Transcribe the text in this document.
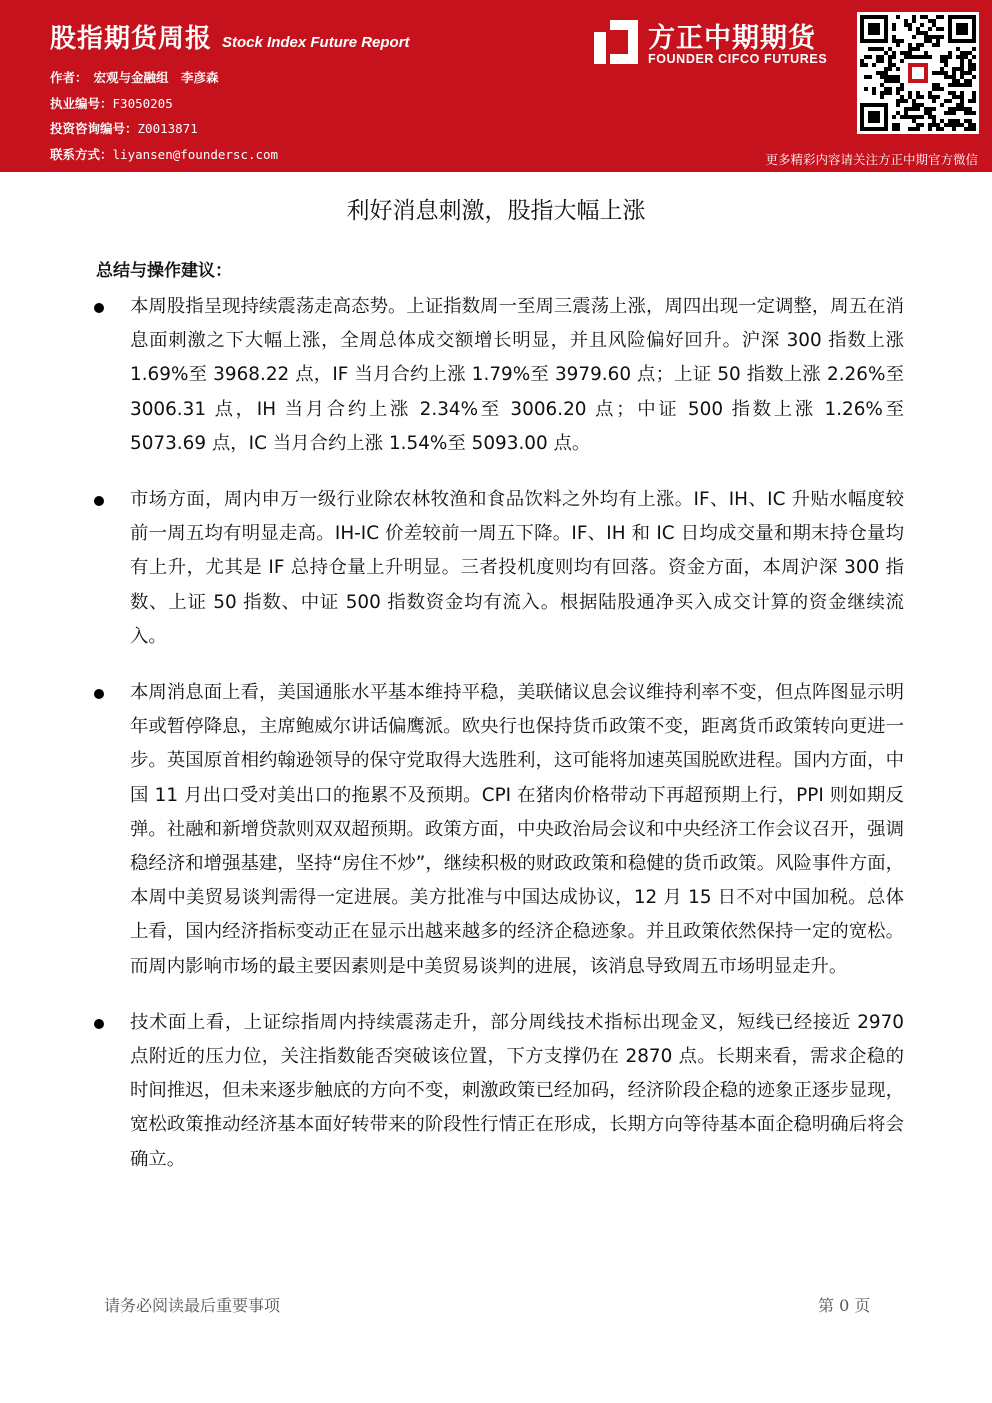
股指期货周报 Stock Index Future Report
作者： 宏观与金融组　李彦森
执业编号：F3050205
投资咨询编号：Z0013871
联系方式：liyansen@foundersc.com
方正中期期货
FOUNDER CIFCO FUTURES
更多精彩内容请关注方正中期官方微信
利好消息刺激，股指大幅上涨
总结与操作建议：
本周股指呈现持续震荡走高态势。上证指数周一至周三震荡上涨，周四出现一定调整，周五在消息面刺激之下大幅上涨，全周总体成交额增长明显，并且风险偏好回升。沪深 300 指数上涨 1.69%至 3968.22 点，IF 当月合约上涨 1.79%至 3979.60 点；上证 50 指数上涨 2.26%至 3006.31 点，IH 当月合约上涨 2.34%至 3006.20 点；中证 500 指数上涨 1.26%至 5073.69 点，IC 当月合约上涨 1.54%至 5093.00 点。
市场方面，周内申万一级行业除农林牧渔和食品饮料之外均有上涨。IF、IH、IC 升贴水幅度较前一周五均有明显走高。IH-IC 价差较前一周五下降。IF、IH 和 IC 日均成交量和期末持仓量均有上升，尤其是 IF 总持仓量上升明显。三者投机度则均有回落。资金方面，本周沪深 300 指数、上证 50 指数、中证 500 指数资金均有流入。根据陆股通净买入成交计算的资金继续流入。
本周消息面上看，美国通胀水平基本维持平稳，美联储议息会议维持利率不变，但点阵图显示明年或暂停降息，主席鲍威尔讲话偏鹰派。欧央行也保持货币政策不变，距离货币政策转向更进一步。英国原首相约翰逊领导的保守党取得大选胜利，这可能将加速英国脱欧进程。国内方面，中国 11 月出口受对美出口的拖累不及预期。CPI 在猪肉价格带动下再超预期上行，PPI 则如期反弹。社融和新增贷款则双双超预期。政策方面，中央政治局会议和中央经济工作会议召开，强调稳经济和增强基建，坚持“房住不炒”，继续积极的财政政策和稳健的货币政策。风险事件方面，本周中美贸易谈判需得一定进展。美方批准与中国达成协议，12 月 15 日不对中国加税。总体上看，国内经济指标变动正在显示出越来越多的经济企稳迹象。并且政策依然保持一定的宽松。而周内影响市场的最主要因素则是中美贸易谈判的进展，该消息导致周五市场明显走升。
技术面上看，上证综指周内持续震荡走升，部分周线技术指标出现金叉，短线已经接近 2970 点附近的压力位，关注指数能否突破该位置，下方支撑仍在 2870 点。长期来看，需求企稳的时间推迟，但未来逐步触底的方向不变，刺激政策已经加码，经济阶段企稳的迹象正逐步显现，宽松政策推动经济基本面好转带来的阶段性行情正在形成，长期方向等待基本面企稳明确后将会确立。
请务必阅读最后重要事项	第 0 页
